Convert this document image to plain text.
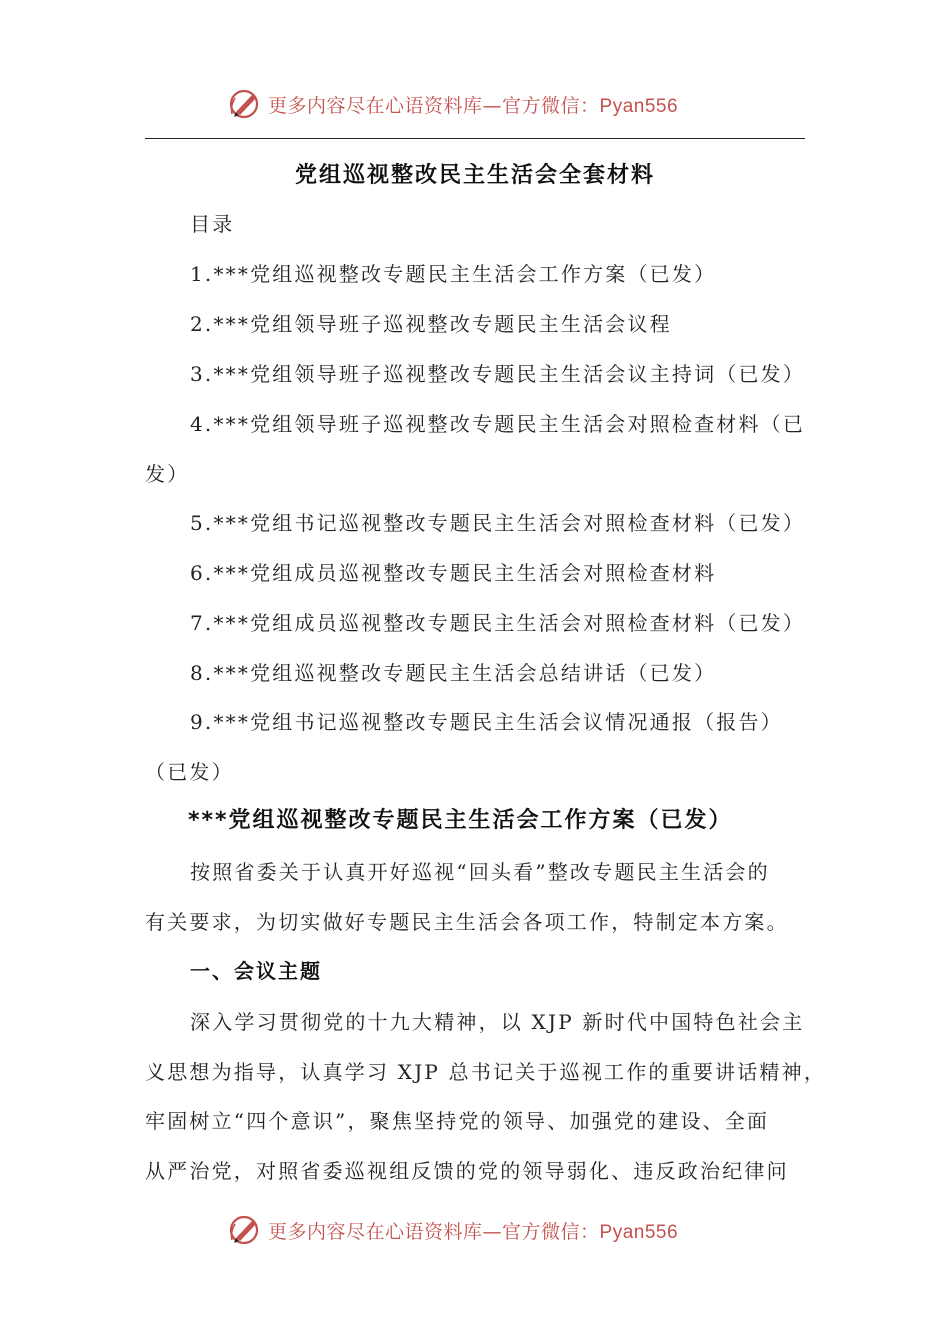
更多内容尽在心语资料库—官方微信：Pyan556
党组巡视整改民主生活会全套材料
目录
1.***党组巡视整改专题民主生活会工作方案（已发）
2.***党组领导班子巡视整改专题民主生活会议程
3.***党组领导班子巡视整改专题民主生活会议主持词（已发）
4.***党组领导班子巡视整改专题民主生活会对照检查材料（已
发）
5.***党组书记巡视整改专题民主生活会对照检查材料（已发）
6.***党组成员巡视整改专题民主生活会对照检查材料
7.***党组成员巡视整改专题民主生活会对照检查材料（已发）
8.***党组巡视整改专题民主生活会总结讲话（已发）
9.***党组书记巡视整改专题民主生活会议情况通报（报告）
（已发）
***党组巡视整改专题民主生活会工作方案（已发）
按照省委关于认真开好巡视“回头看”整改专题民主生活会的
有关要求，为切实做好专题民主生活会各项工作，特制定本方案。
一、会议主题
深入学习贯彻党的十九大精神，以 XJP 新时代中国特色社会主
义思想为指导，认真学习 XJP 总书记关于巡视工作的重要讲话精神，
牢固树立“四个意识”，聚焦坚持党的领导、加强党的建设、全面
从严治党，对照省委巡视组反馈的党的领导弱化、违反政治纪律问
更多内容尽在心语资料库—官方微信：Pyan556
